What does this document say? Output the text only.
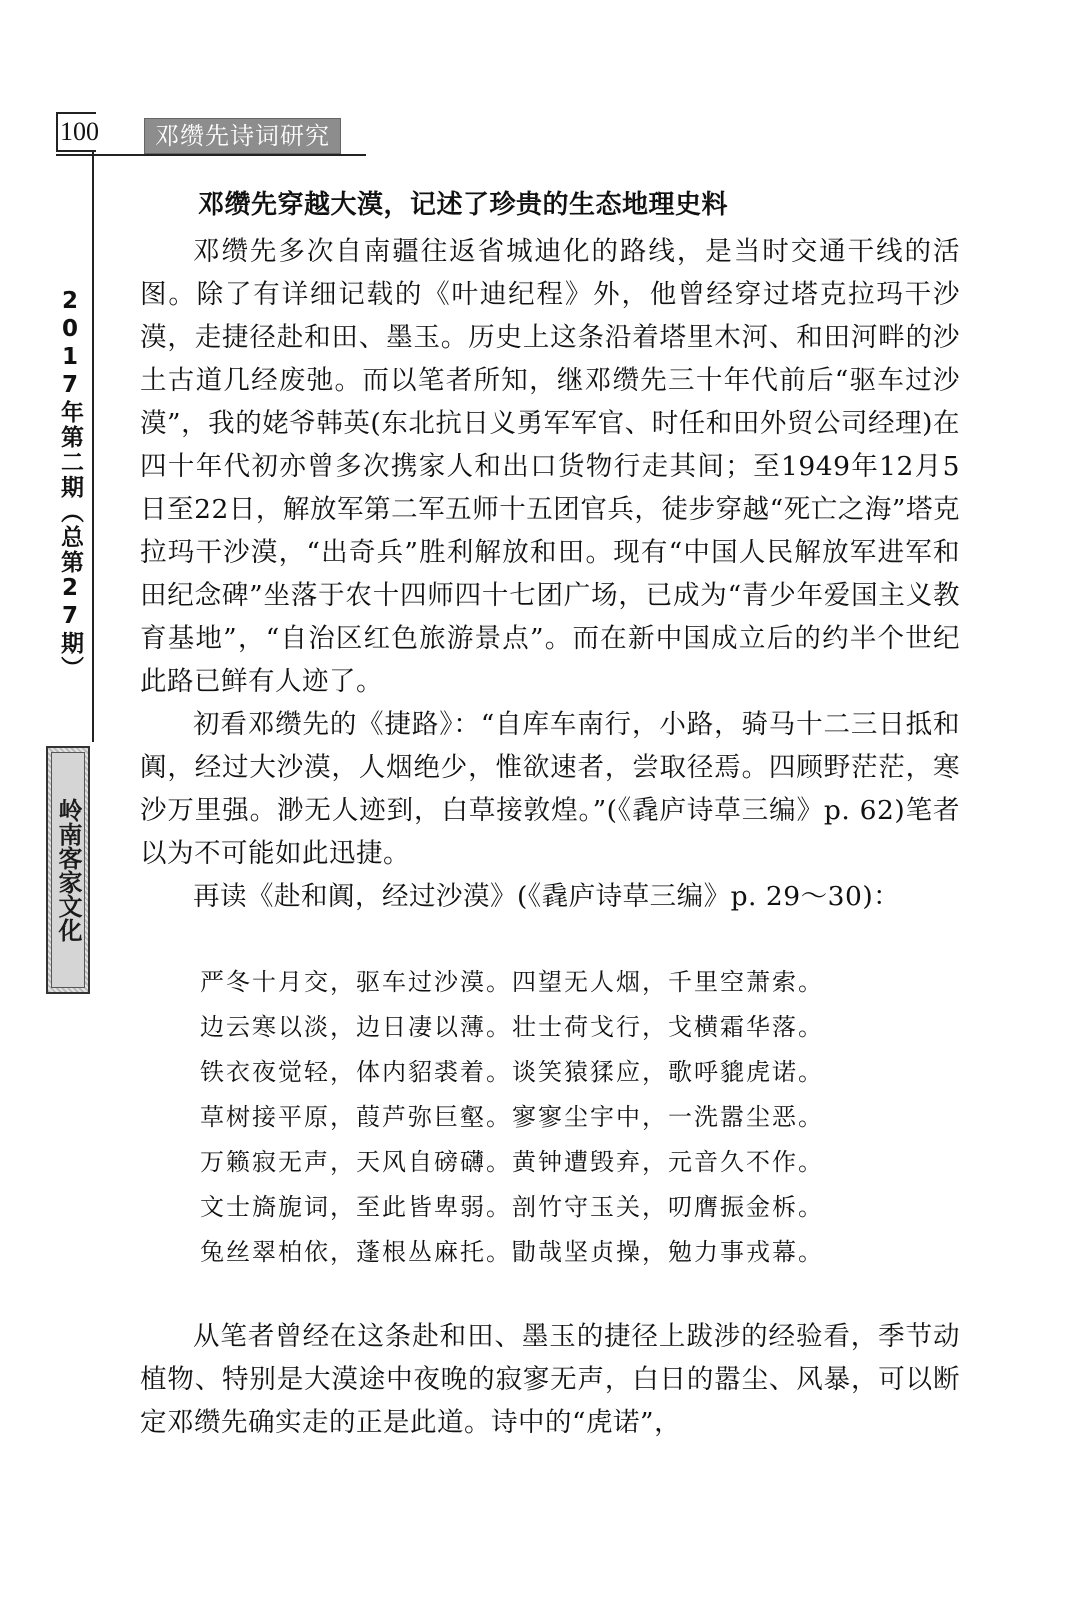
100	邓缵先诗词研究
2017年第二期（总第27期）
岭南客家文化
邓缵先穿越大漠，记述了珍贵的生态地理史料

邓缵先多次自南疆往返省城迪化的路线，是当时交通干线的活图。除了有详细记载的《叶迪纪程》外，他曾经穿过塔克拉玛干沙漠，走捷径赴和田、墨玉。历史上这条沿着塔里木河、和田河畔的沙土古道几经废弛。而以笔者所知，继邓缵先三十年代前后“驱车过沙漠”，我的姥爷韩英(东北抗日义勇军军官、时任和田外贸公司经理)在四十年代初亦曾多次携家人和出口货物行走其间；至1949年12月5日至22日，解放军第二军五师十五团官兵，徒步穿越“死亡之海”塔克拉玛干沙漠，“出奇兵”胜利解放和田。现有“中国人民解放军进军和田纪念碑”坐落于农十四师四十七团广场，已成为“青少年爱国主义教育基地”，“自治区红色旅游景点”。而在新中国成立后的约半个世纪此路已鲜有人迹了。

初看邓缵先的《捷路》：“自库车南行，小路，骑马十二三日抵和阗，经过大沙漠，人烟绝少，惟欲速者，尝取径焉。四顾野茫茫，寒沙万里强。渺无人迹到，白草接敦煌。”(《毳庐诗草三编》p. 62)笔者以为不可能如此迅捷。

再读《赴和阗，经过沙漠》(《毳庐诗草三编》p. 29～30)：

严冬十月交，驱车过沙漠。四望无人烟，千里空萧索。
边云寒以淡，边日凄以薄。壮士荷戈行，戈横霜华落。
铁衣夜觉轻，体内貂裘着。谈笑猿猱应，歌呼貔虎诺。
草树接平原，葭芦弥巨壑。寥寥尘宇中，一洗嚣尘恶。
万籁寂无声，天风自磅礴。黄钟遭毁弃，元音久不作。
文士旖旎词，至此皆卑弱。剖竹守玉关，叨膺振金柝。
兔丝翠柏依，蓬根丛麻托。勖哉坚贞操，勉力事戎幕。

从笔者曾经在这条赴和田、墨玉的捷径上跋涉的经验看，季节动植物、特别是大漠途中夜晚的寂寥无声，白日的嚣尘、风暴，可以断定邓缵先确实走的正是此道。诗中的“虎诺”，
